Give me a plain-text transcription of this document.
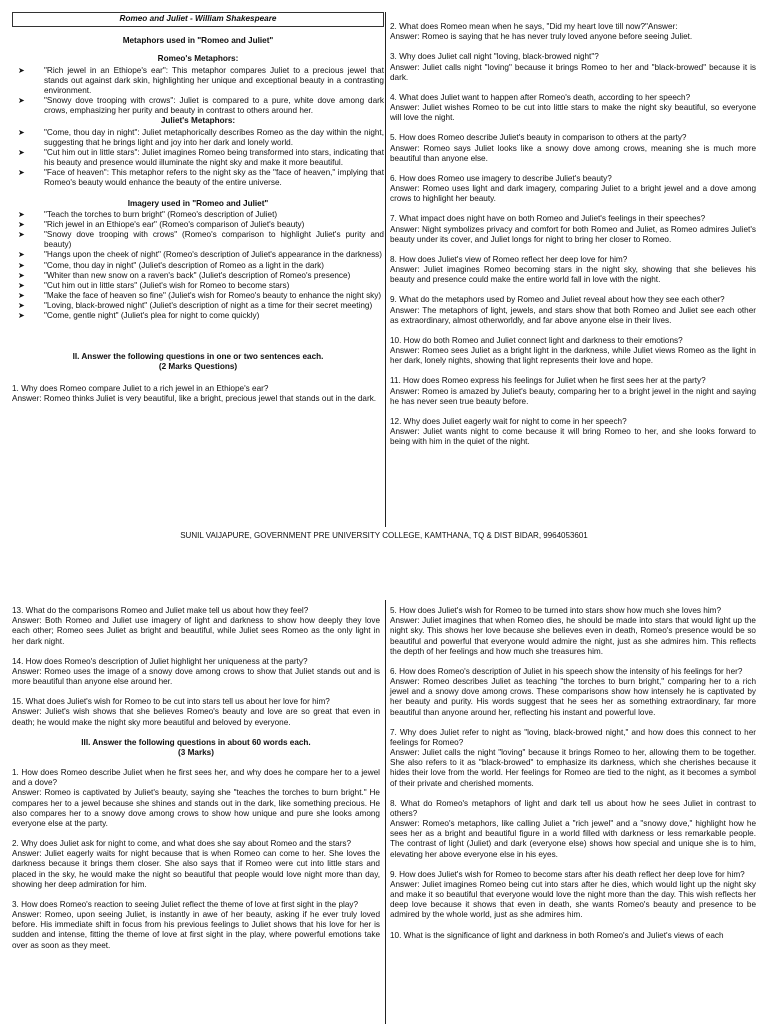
Romeo and Juliet - William Shakespeare
Metaphors used in "Romeo and Juliet"
Romeo's Metaphors:
➤ "Rich jewel in an Ethiope's ear": This metaphor compares Juliet to a precious jewel that stands out against dark skin, highlighting her unique and exceptional beauty in a contrasting environment.
➤ "Snowy dove trooping with crows": Juliet is compared to a pure, white dove among dark crows, emphasizing her purity and beauty in contrast to others around her.
Juliet's Metaphors:
➤ "Come, thou day in night": Juliet metaphorically describes Romeo as the day within the night, suggesting that he brings light and joy into her dark and lonely world.
➤ "Cut him out in little stars": Juliet imagines Romeo being transformed into stars, indicating that his beauty and presence would illuminate the night sky and make it more beautiful.
➤ "Face of heaven": This metaphor refers to the night sky as the "face of heaven," implying that Romeo's beauty would enhance the beauty of the entire universe.
Imagery used in "Romeo and Juliet"
➤ "Teach the torches to burn bright" (Romeo's description of Juliet)
➤ "Rich jewel in an Ethiope's ear" (Romeo's comparison of Juliet's beauty)
➤ "Snowy dove trooping with crows" (Romeo's comparison to highlight Juliet's purity and beauty)
➤ "Hangs upon the cheek of night" (Romeo's description of Juliet's appearance in the darkness)
➤ "Come, thou day in night" (Juliet's description of Romeo as a light in the dark)
➤ "Whiter than new snow on a raven's back" (Juliet's description of Romeo's presence)
➤ "Cut him out in little stars" (Juliet's wish for Romeo to become stars)
➤ "Make the face of heaven so fine" (Juliet's wish for Romeo's beauty to enhance the night sky)
➤ "Loving, black-browed night" (Juliet's description of night as a time for their secret meeting)
➤ "Come, gentle night" (Juliet's plea for night to come quickly)
II. Answer the following questions in one or two sentences each.
(2 Marks Questions)

1. Why does Romeo compare Juliet to a rich jewel in an Ethiope's ear?

Answer: Romeo thinks Juliet is very beautiful, like a bright, precious jewel that stands out in the dark.

2. What does Romeo mean when he says, "Did my heart love till now?"Answer:

Answer: Romeo is saying that he has never truly loved anyone before seeing Juliet.

3. Why does Juliet call night "loving, black-browed night"?

Answer: Juliet calls night "loving" because it brings Romeo to her and "black-browed" because it is dark.

4. What does Juliet want to happen after Romeo's death, according to her speech?

Answer: Juliet wishes Romeo to be cut into little stars to make the night sky beautiful, so everyone will love the night.

5. How does Romeo describe Juliet's beauty in comparison to others at the party?

Answer: Romeo says Juliet looks like a snowy dove among crows, meaning she is much more beautiful than anyone else.

6. How does Romeo use imagery to describe Juliet's beauty?

Answer: Romeo uses light and dark imagery, comparing Juliet to a bright jewel and a dove among crows to highlight her beauty.

7. What impact does night have on both Romeo and Juliet's feelings in their speeches?

Answer: Night symbolizes privacy and comfort for both Romeo and Juliet, as Romeo admires Juliet's beauty under its cover, and Juliet longs for night to bring her closer to Romeo.

8. How does Juliet's view of Romeo reflect her deep love for him?

Answer: Juliet imagines Romeo becoming stars in the night sky, showing that she believes his beauty and presence could make the entire world fall in love with the night.

9. What do the metaphors used by Romeo and Juliet reveal about how they see each other?

Answer: The metaphors of light, jewels, and stars show that both Romeo and Juliet see each other as extraordinary, almost otherworldly, and far above anyone else in their lives.

10. How do both Romeo and Juliet connect light and darkness to their emotions?

Answer: Romeo sees Juliet as a bright light in the darkness, while Juliet views Romeo as the light in her dark, lonely nights, showing that light represents their love and hope.

11. How does Romeo express his feelings for Juliet when he first sees her at the party?

Answer: Romeo is amazed by Juliet's beauty, comparing her to a bright jewel in the night and saying he has never seen true beauty before.

12. Why does Juliet eagerly wait for night to come in her speech?

Answer: Juliet wants night to come because it will bring Romeo to her, and she looks forward to being with him in the quiet of the night.

SUNIL VAIJAPURE, GOVERNMENT PRE UNIVERSITY COLLEGE, KAMTHANA, TQ & DIST BIDAR, 9964053601

13. What do the comparisons Romeo and Juliet make tell us about how they feel?

Answer: Both Romeo and Juliet use imagery of light and darkness to show how deeply they love each other; Romeo sees Juliet as bright and beautiful, while Juliet sees Romeo as the only light in her dark night.

14. How does Romeo's description of Juliet highlight her uniqueness at the party?

Answer: Romeo uses the image of a snowy dove among crows to show that Juliet stands out and is more beautiful than anyone else around her.

15. What does Juliet's wish for Romeo to be cut into stars tell us about her love for him?

Answer: Juliet's wish shows that she believes Romeo's beauty and love are so great that even in death; he would make the night sky more beautiful and beloved by everyone.

III. Answer the following questions in about 60 words each.
(3 Marks)

1. How does Romeo describe Juliet when he first sees her, and why does he compare her to a jewel and a dove?

Answer: Romeo is captivated by Juliet's beauty, saying she "teaches the torches to burn bright." He compares her to a jewel because she shines and stands out in the dark, like something precious. He also compares her to a snowy dove among crows to show how unique and pure she looks among everyone else at the party.

2. Why does Juliet ask for night to come, and what does she say about Romeo and the stars?

Answer: Juliet eagerly waits for night because that is when Romeo can come to her. She loves the darkness because it brings them closer. She also says that if Romeo were cut into little stars and placed in the sky, he would make the night so beautiful that people would love night more than day, showing her deep admiration for him.

3. How does Romeo's reaction to seeing Juliet reflect the theme of love at first sight in the play?

Answer: Romeo, upon seeing Juliet, is instantly in awe of her beauty, asking if he ever truly loved before. His immediate shift in focus from his previous feelings to Juliet shows that his love for her is sudden and intense, fitting the theme of love at first sight in the play, where powerful emotions take over as soon as they meet.

5. How does Juliet's wish for Romeo to be turned into stars show how much she loves him?

Answer: Juliet imagines that when Romeo dies, he should be made into stars that would light up the night sky. This shows her love because she believes even in death, Romeo's presence would be so beautiful and powerful that everyone would admire the night, just as she admires him. This reflects the depth of her feelings and how much she treasures him.

6. How does Romeo's description of Juliet in his speech show the intensity of his feelings for her?

Answer: Romeo describes Juliet as teaching "the torches to burn bright," comparing her to a rich jewel and a snowy dove among crows. These comparisons show how intensely he is captivated by her beauty and purity. His words suggest that he sees her as something extraordinary, far more beautiful than anyone around her, reflecting his instant and powerful love.

7. Why does Juliet refer to night as "loving, black-browed night," and how does this connect to her feelings for Romeo?

Answer: Juliet calls the night "loving" because it brings Romeo to her, allowing them to be together. She also refers to it as "black-browed" to emphasize its darkness, which she cherishes because it hides their love from the world. Her feelings for Romeo are tied to the night, as it becomes a symbol of their private and cherished moments.

8. What do Romeo's metaphors of light and dark tell us about how he sees Juliet in contrast to others?

Answer: Romeo's metaphors, like calling Juliet a "rich jewel" and a "snowy dove," highlight how he sees her as a bright and beautiful figure in a world filled with darkness or less remarkable people. The contrast of light (Juliet) and dark (everyone else) shows how special and unique she is to him, elevating her above everyone else in his eyes.

9. How does Juliet's wish for Romeo to become stars after his death reflect her deep love for him?

Answer: Juliet imagines Romeo being cut into stars after he dies, which would light up the night sky and make it so beautiful that everyone would love the night more than the day. This wish reflects her deep love because it shows that even in death, she wants Romeo's beauty and presence to be admired by the whole world, just as she admires him.

10. What is the significance of light and darkness in both Romeo's and Juliet's views of each
